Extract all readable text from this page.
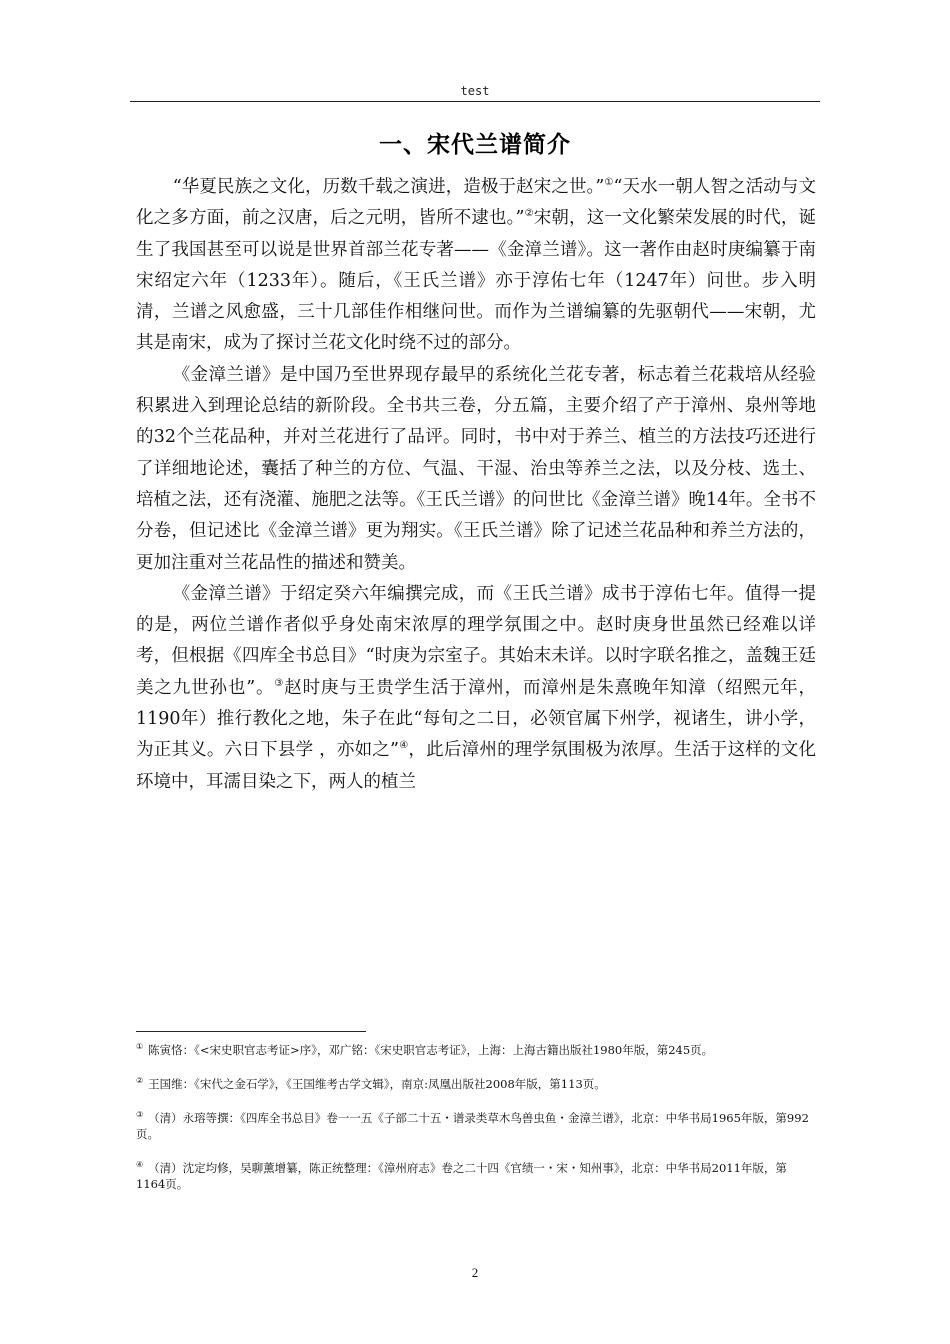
test
一、宋代兰谱简介

“华夏民族之文化，历数千载之演进，造极于赵宋之世。”①“天水一朝人智之活动与文化之多方面，前之汉唐，后之元明，皆所不逮也。”②宋朝，这一文化繁荣发展的时代，诞生了我国甚至可以说是世界首部兰花专著——《金漳兰谱》。这一著作由赵时庚编纂于南宋绍定六年（1233年）。随后，《王氏兰谱》亦于淳佑七年（1247年）问世。步入明清，兰谱之风愈盛，三十几部佳作相继问世。而作为兰谱编纂的先驱朝代——宋朝，尤其是南宋，成为了探讨兰花文化时绕不过的部分。

《金漳兰谱》是中国乃至世界现存最早的系统化兰花专著，标志着兰花栽培从经验积累进入到理论总结的新阶段。全书共三卷，分五篇，主要介绍了产于漳州、泉州等地的32个兰花品种，并对兰花进行了品评。同时，书中对于养兰、植兰的方法技巧还进行了详细地论述，囊括了种兰的方位、气温、干湿、治虫等养兰之法，以及分枝、选土、培植之法，还有浇灌、施肥之法等。《王氏兰谱》的问世比《金漳兰谱》晚14年。全书不分卷，但记述比《金漳兰谱》更为翔实。《王氏兰谱》除了记述兰花品种和养兰方法的，更加注重对兰花品性的描述和赞美。

《金漳兰谱》于绍定癸六年编撰完成，而《王氏兰谱》成书于淳佑七年。值得一提的是，两位兰谱作者似乎身处南宋浓厚的理学氛围之中。赵时庚身世虽然已经难以详考，但根据《四库全书总目》“时庚为宗室子。其始末未详。以时字联名推之，盖魏王廷美之九世孙也”。③赵时庚与王贵学生活于漳州，而漳州是朱熹晚年知漳（绍熙元年，1190年）推行教化之地，朱子在此“每旬之二日，必领官属下州学，视诸生，讲小学，为正其义。六日下县学 ，亦如之”④，此后漳州的理学氛围极为浓厚。生活于这样的文化环境中，耳濡目染之下，两人的植兰

① 陈寅恪：《<宋史职官志考证>序》，邓广铭：《宋史职官志考证》，上海：上海古籍出版社1980年版，第245页。

② 王国维：《宋代之金石学》，《王国维考古学文辑》，南京:凤凰出版社2008年版，第113页。

③ （清）永瑢等撰：《四库全书总目》卷一一五《子部二十五・谱录类草木鸟兽虫鱼・金漳兰谱》，北京：中华书局1965年版，第992页。

④ （清）沈定均修，吴聊薰增纂，陈正统整理：《漳州府志》卷之二十四《官绩一・宋・知州事》，北京：中华书局2011年版，第1164页。

2
